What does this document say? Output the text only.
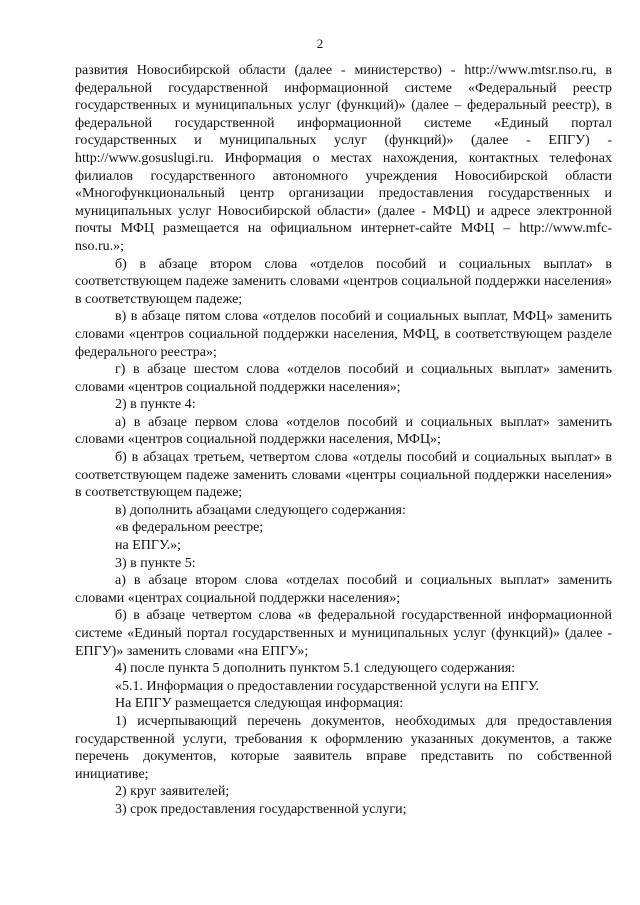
2

развития Новосибирской области (далее - министерство) - http://www.mtsr.nso.ru, в федеральной государственной информационной системе «Федеральный реестр государственных и муниципальных услуг (функций)» (далее – федеральный реестр), в федеральной государственной информационной системе «Единый портал государственных и муниципальных услуг (функций)» (далее - ЕПГУ) - http://www.gosuslugi.ru. Информация о местах нахождения, контактных телефонах филиалов государственного автономного учреждения Новосибирской области «Многофункциональный центр организации предоставления государственных и муниципальных услуг Новосибирской области» (далее - МФЦ) и адресе электронной почты МФЦ размещается на официальном интернет-сайте МФЦ – http://www.mfc-nso.ru.»;

б) в абзаце втором слова «отделов пособий и социальных выплат» в соответствующем падеже заменить словами «центров социальной поддержки населения» в соответствующем падеже;

в) в абзаце пятом слова «отделов пособий и социальных выплат, МФЦ» заменить словами «центров социальной поддержки населения, МФЦ, в соответствующем разделе федерального реестра»;

г) в абзаце шестом слова «отделов пособий и социальных выплат» заменить словами «центров социальной поддержки населения»;

2) в пункте 4:

а) в абзаце первом слова «отделов пособий и социальных выплат» заменить словами «центров социальной поддержки населения, МФЦ»;

б) в абзацах третьем, четвертом слова «отделы пособий и социальных выплат» в соответствующем падеже заменить словами «центры социальной поддержки населения» в соответствующем падеже;

в) дополнить абзацами следующего содержания:

«в федеральном реестре;

на ЕПГУ.»;

3) в пункте 5:

а) в абзаце втором слова «отделах пособий и социальных выплат» заменить словами «центрах социальной поддержки населения»;

б) в абзаце четвертом слова «в федеральной государственной информационной системе «Единый портал государственных и муниципальных услуг (функций)» (далее - ЕПГУ)» заменить словами «на ЕПГУ»;

4) после пункта 5 дополнить пунктом 5.1 следующего содержания:

«5.1. Информация о предоставлении государственной услуги на ЕПГУ.

На ЕПГУ размещается следующая информация:

1) исчерпывающий перечень документов, необходимых для предоставления государственной услуги, требования к оформлению указанных документов, а также перечень документов, которые заявитель вправе представить по собственной инициативе;

2) круг заявителей;

3) срок предоставления государственной услуги;
